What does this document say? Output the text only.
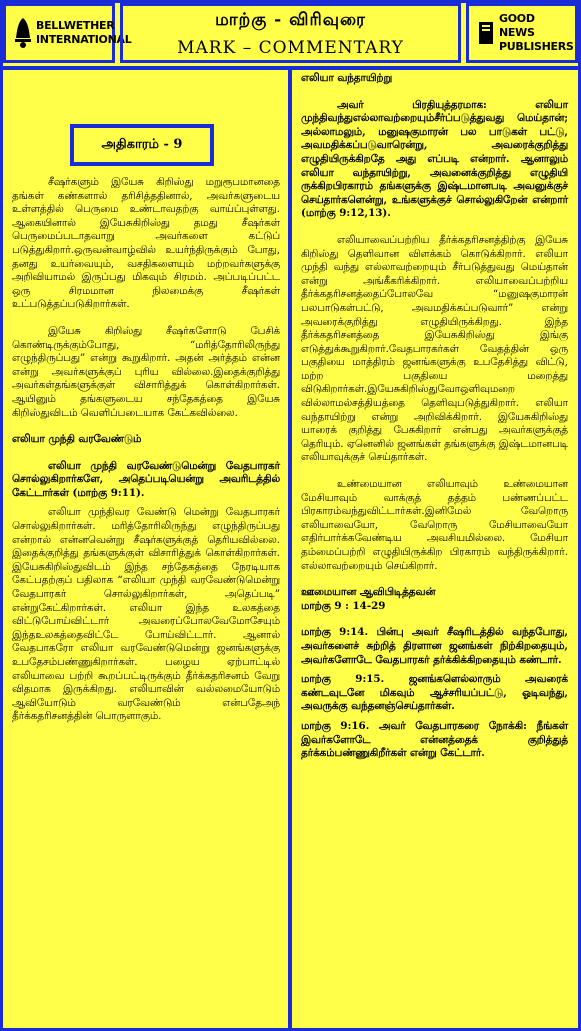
BELLWETHER
INTERNATIONAL
மாற்கு - விரிவுரை
MARK – COMMENTARY
GOOD NEWS
PUBLISHERS
அதிகாரம் - 9

சீஷர்களும் இயேசு கிறிஸ்து மறுரூபமானதை தங்கள் கண்களால் தரிசித்ததினால், அவர்களுடைய உள்ளத்தில் பெருமை உண்டாவதற்கு வாய்ப்புள்ளது. ஆகையினால் இயேசுகிறிஸ்து தமது சீஷர்கள் பெருமைப்படாதவாறு அவர்களை கட்டுப் படுத்துகிறார்.ஒருவன்வாழ்வில் உயர்ந்திருக்கும் போது, தனது உயர்வையும், வசதிகளையும் மற்றவர்களுக்கு அறிவியாமல் இருப்பது மிகவும் சிரமம். அப்படிப்பட்ட ஒரு சிரமமான நிலமைக்கு சீஷர்கள் உட்படுத்தப்படுகிறார்கள்.

இயேசு கிறிஸ்து சீஷர்களோடு பேசிக் கொண்டிருக்கும்போது, “மரித்தோரிலிருந்து எழுந்திருப்பது” என்று கூறுகிறார். அதன் அர்த்தம் என்ன என்று அவர்களுக்குப் புரிய வில்லை.இதைக்குறித்து அவர்கள்தங்களுக்குள் விசாரித்துக் கொள்கிறார்கள். ஆயினும் தங்களுடைய சந்தேகத்தை இயேசு கிறிஸ்துவிடம் வெளிப்படையாக கேட்கவில்லை.

எலியா முந்தி வரவேண்டும்

எலியா முந்தி வரவேண்டுமென்று வேதபாரகர் சொல்லுகிறார்களே, அதெப்படியென்று அவரிடத்தில் கேட்டார்கள் (மாற்கு 9:11).

எலியா முந்திவர வேண்டு மென்று வேதபாரகர் சொல்லுகிறார்கள். மரித்தோரிலிருந்து எழுந்திருப்பது என்றால் என்னவென்று சீஷர்களுக்குத் தெரியவில்லை. இதைக்குறித்து தங்களுக்குள் விசாரித்துக் கொள்கிறார்கள். இயேசுகிறிஸ்துவிடம் இந்த சந்தேகத்தை நேரடியாக கேட்பதற்குப் பதிலாக “எலியா முந்தி வரவேண்டுமென்று வேதபாரகர் சொல்லுகிறார்கள், அதெப்படி” என்றுகேட்கிறார்கள். எலியா இந்த உலகத்தை விட்டுபோய்விட்டார் அவரைப்போலவேமோசேயும் இந்தஉலகத்தைவிட்டே போய்விட்டார். ஆனால் வேதபாகரோ எலியா வரவேண்டுமென்று ஜனங்களுக்கு உபதேசம்பண்ணுகிறார்கள். பழைய ஏற்பாட்டில் எலியாவை பற்றி கூறப்பட்டிருக்கும் தீர்க்கதரிசனம் வேறு விதமாக இருக்கிறது. எலியாவின் வல்லமையோடும் ஆவியோடும் வரவேண்டும் என்பதேஅந் தீர்க்கதரிசனத்தின் பொருளாகும்.

எலியா வந்தாயிற்று

அவர் பிரதியுத்தரமாக: எலியா முந்திவந்துஎல்லாவற்றையும்சீர்ப்படுத்துவது மெய்தான்; அல்லாமலும், மனுஷகுமாரன் பல பாடுகள் பட்டு, அவமதிக்கப்படுவாரென்று, அவரைக்குறித்து எழுதியிருக்கிறதே அது எப்படி என்றார். ஆனாலும் எலியா வந்தாயிற்று, அவனைக்குறித்து எழுதியி ருக்கிறபிரகாரம் தங்களுக்கு இஷ்டமானபடி அவனுக்குச் செய்தார்களென்று, உங்களுக்குச் சொல்லுகிறேன் என்றார் (மாற்கு 9:12,13).

எலியாவைப்பற்றிய தீர்க்கதரிசனத்திற்கு இயேசு கிறிஸ்து தெளிவான விளக்கம் கொடுக்கிறார். எலியா முந்தி வந்து எல்லாவற்றையும் சீர்படுத்துவது மெய்தான் என்று அங்கீகரிக்கிறார். எலியாவைப்பற்றிய தீர்க்கதரிசனத்தைப்போலவே “மனுஷகுமாரன் பலபாடுகள்பட்டு, அவமதிக்கப்படுவார்” என்று அவரைக்குறித்து எழுதியிருக்கிறது. இந்த தீர்க்கதரிசனத்தை இயேசுகிறிஸ்து இங்கு எடுத்துக்கூறுகிறார்.வேதபாரகர்கள் வேதத்தின் ஒரு பகுதியை மாத்திரம் ஜனங்களுக்கு உபதேசித்து விட்டு, மற்ற பகுதியை மறைத்து விடுகிறார்கள்.இயேசுகிறிஸ்துவோஒளிவுமறை வில்லாமல்சத்தியத்தை தெளிவுபடுத்துகிறார். எலியா வந்தாயிற்று என்று அறிவிக்கிறார். இயேசுகிறிஸ்து யாரைக் குறித்து பேசுகிறார் என்பது அவர்களுக்குத் தெரியும். ஏனெனில் ஜனங்கள் தங்களுக்கு இஷ்டமானபடி எலியாவுக்குச் செய்தார்கள்.

உண்மையான எலியாவும் உண்மையான மேசியாவும் வாக்குத் தத்தம் பண்ணப்பட்ட பிரகாரம்வந்துவிட்டார்கள்.இனிமேல் வேறொரு எலியாவையோ, வேறொரு மேசியாவையோ எதிர்பார்க்கவேண்டிய அவசியமில்லை. மேசியா தம்மைப்பற்றி எழுதியிருக்கிற பிரகாரம் வந்திருக்கிறார். எல்லாவற்றையும் செய்கிறார்.

ஊமையான ஆவிபிடித்தவன்

மாற்கு 9 : 14-29

மாற்கு 9:14. பின்பு அவர் சீஷரிடத்தில் வந்தபோது, அவர்களைச் சுற்றித் திரளான ஜனங்கள் நிற்கிறதையும், அவர்களோடே வேதபாரகர் தர்க்கிக்கிறதையும் கண்டார்.

மாற்கு 9:15. ஜனங்களெல்லாரும் அவரைக் கண்டவுடனே மிகவும் ஆச்சரியப்பட்டு, ஓடிவந்து, அவருக்கு வந்தனஞ்செய்தார்கள்.

மாற்கு 9:16. அவர் வேதபாரகரை நோக்கி: நீங்கள் இவர்களோடே என்னத்தைக் குறித்துத் தர்க்கம்பண்ணுகிறீர்கள் என்று கேட்டார்.
